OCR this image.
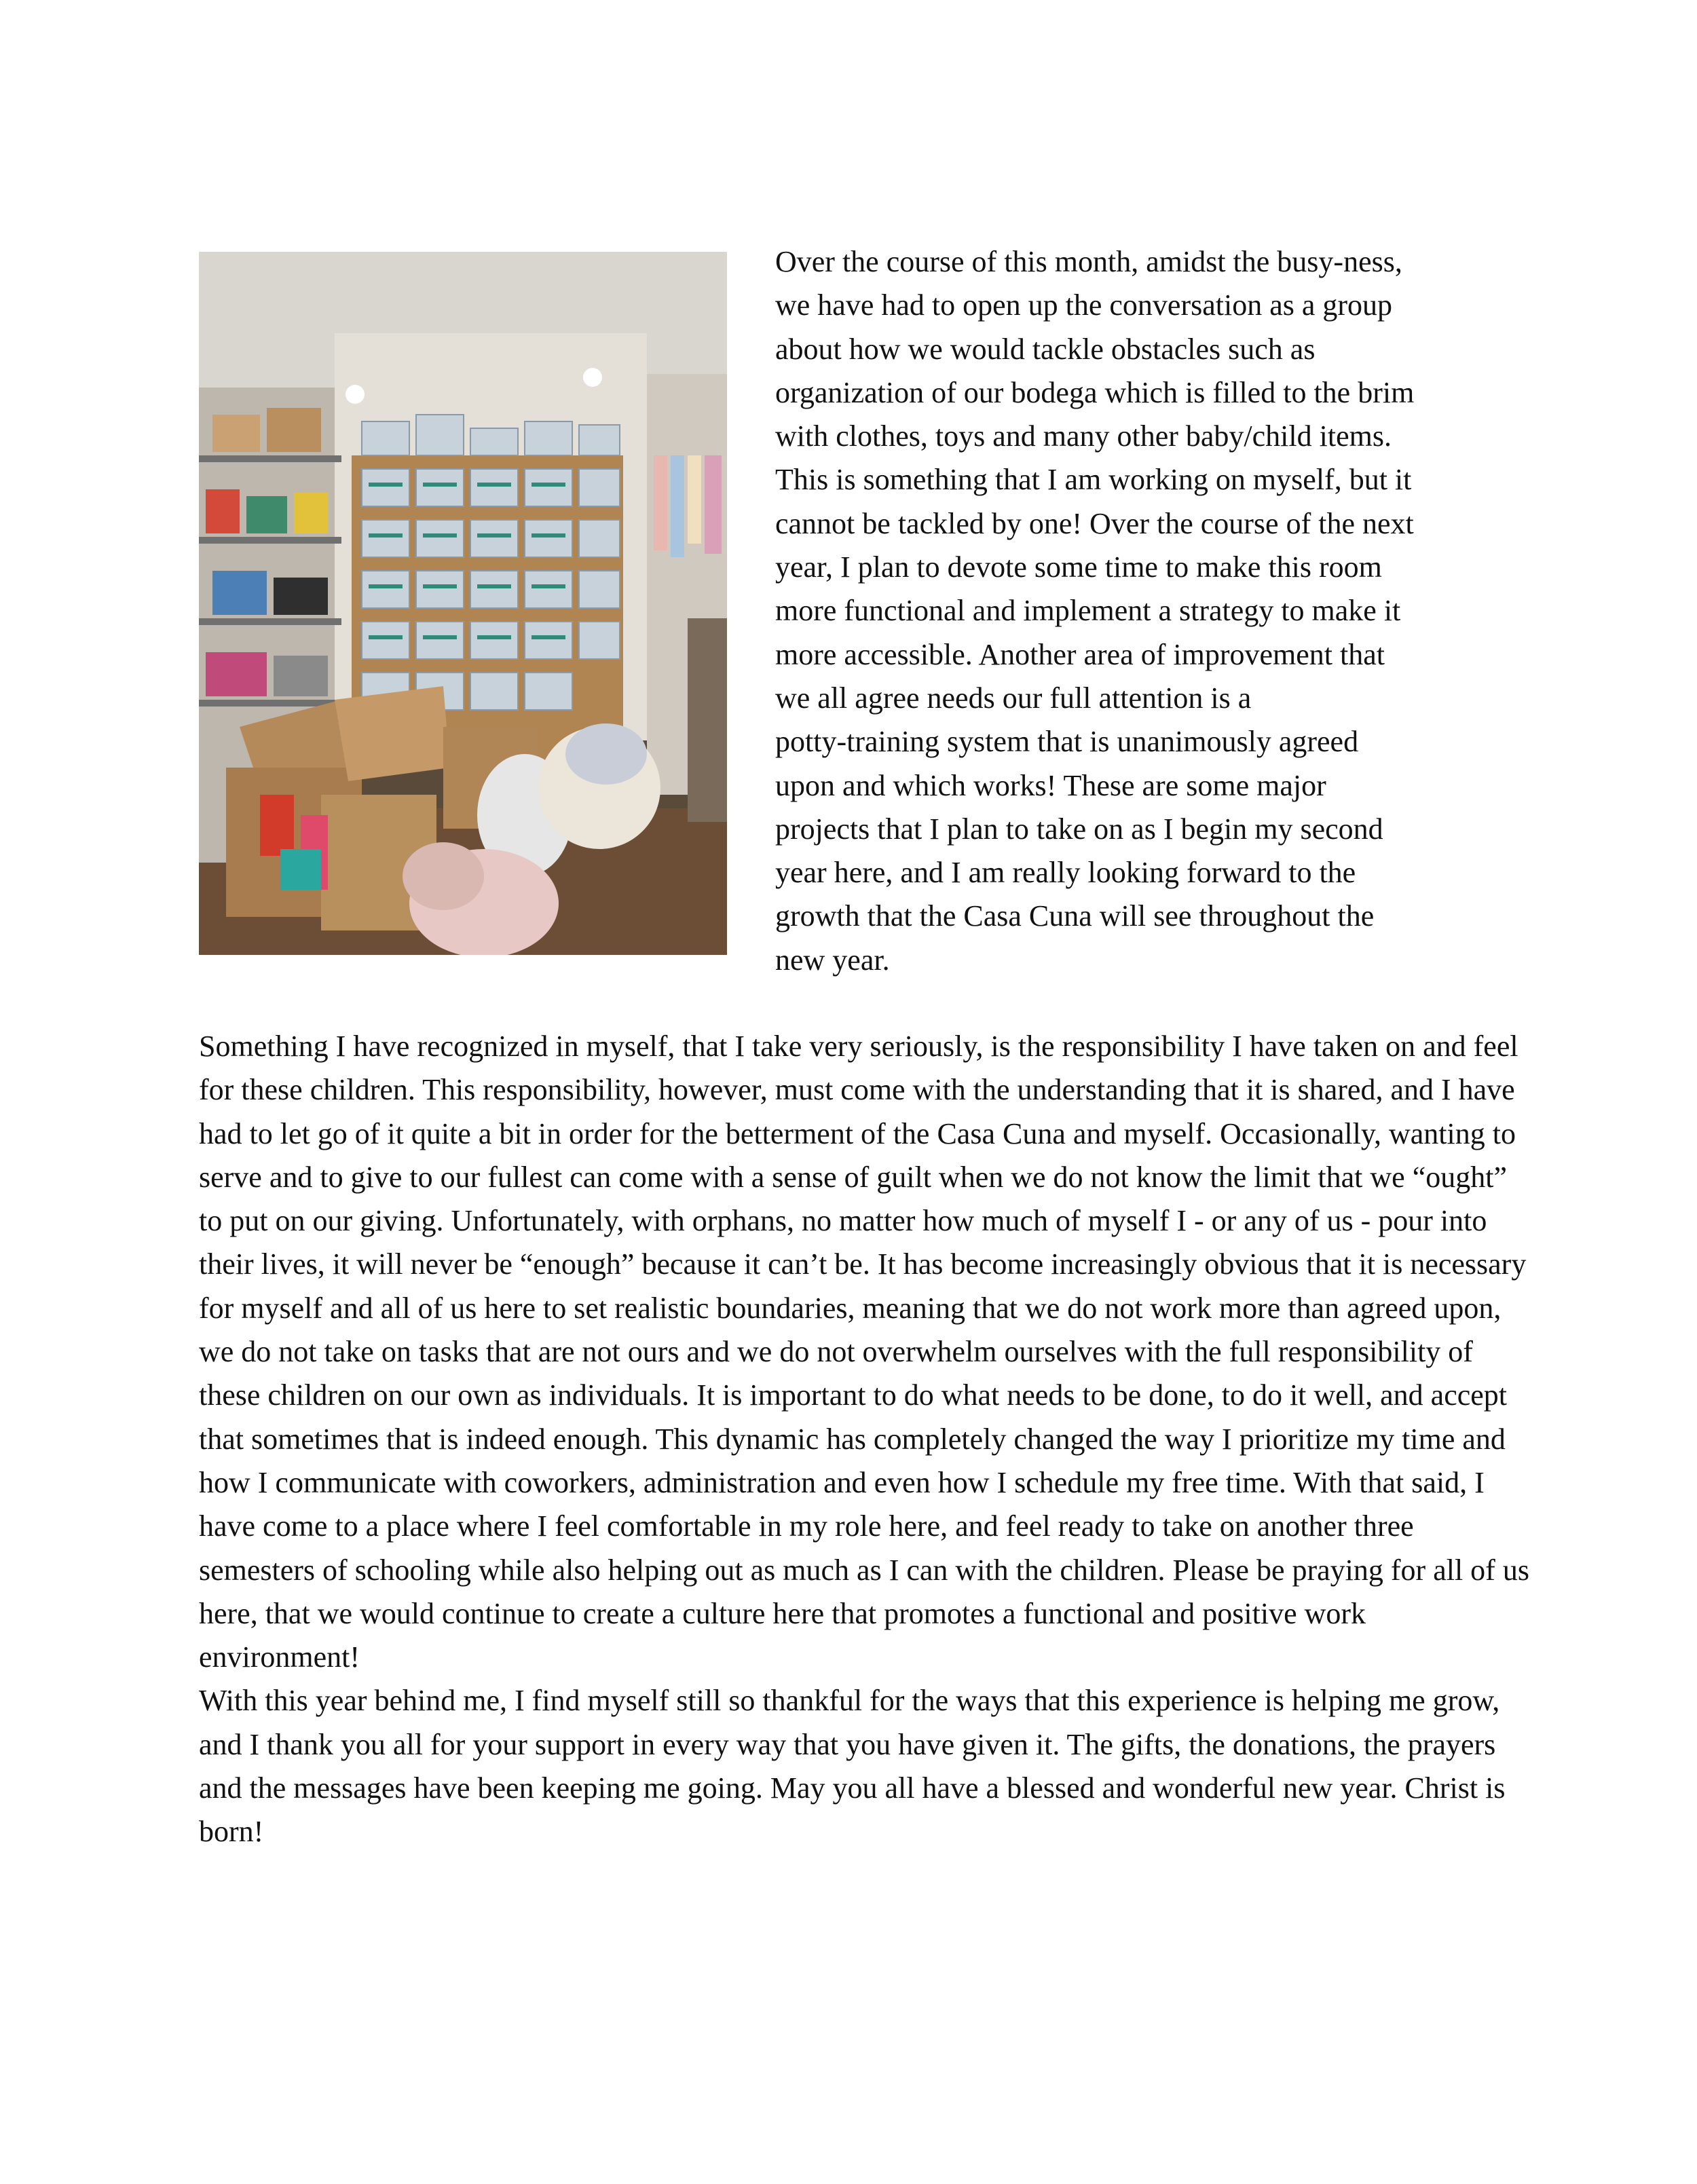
Over the course of this month, amidst the busy-ness,
we have had to open up the conversation as a group
about how we would tackle obstacles such as
organization of our bodega which is filled to the brim
with clothes, toys and many other baby/child items.
This is something that I am working on myself, but it
cannot be tackled by one! Over the course of the next
year, I plan to devote some time to make this room
more functional and implement a strategy to make it
more accessible. Another area of improvement that
we all agree needs our full attention is a
potty-training system that is unanimously agreed
upon and which works! These are some major
projects that I plan to take on as I begin my second
year here, and I am really looking forward to the
growth that the Casa Cuna will see throughout the
new year.

Something I have recognized in myself, that I take very seriously, is the responsibility I have taken on and feel for these children. This responsibility, however, must come with the understanding that it is shared, and I have had to let go of it quite a bit in order for the betterment of the Casa Cuna and myself. Occasionally, wanting to serve and to give to our fullest can come with a sense of guilt when we do not know the limit that we “ought” to put on our giving. Unfortunately, with orphans, no matter how much of myself I - or any of us - pour into their lives, it will never be “enough” because it can’t be. It has become increasingly obvious that it is necessary for myself and all of us here to set realistic boundaries, meaning that we do not work more than agreed upon, we do not take on tasks that are not ours and we do not overwhelm ourselves with the full responsibility of these children on our own as individuals. It is important to do what needs to be done, to do it well, and accept that sometimes that is indeed enough. This dynamic has completely changed the way I prioritize my time and how I communicate with coworkers, administration and even how I schedule my free time. With that said, I have come to a place where I feel comfortable in my role here, and feel ready to take on another three semesters of schooling while also helping out as much as I can with the children. Please be praying for all of us here, that we would continue to create a culture here that promotes a functional and positive work environment!

With this year behind me, I find myself still so thankful for the ways that this experience is helping me grow, and I thank you all for your support in every way that you have given it. The gifts, the donations, the prayers and the messages have been keeping me going. May you all have a blessed and wonderful new year. Christ is born!
